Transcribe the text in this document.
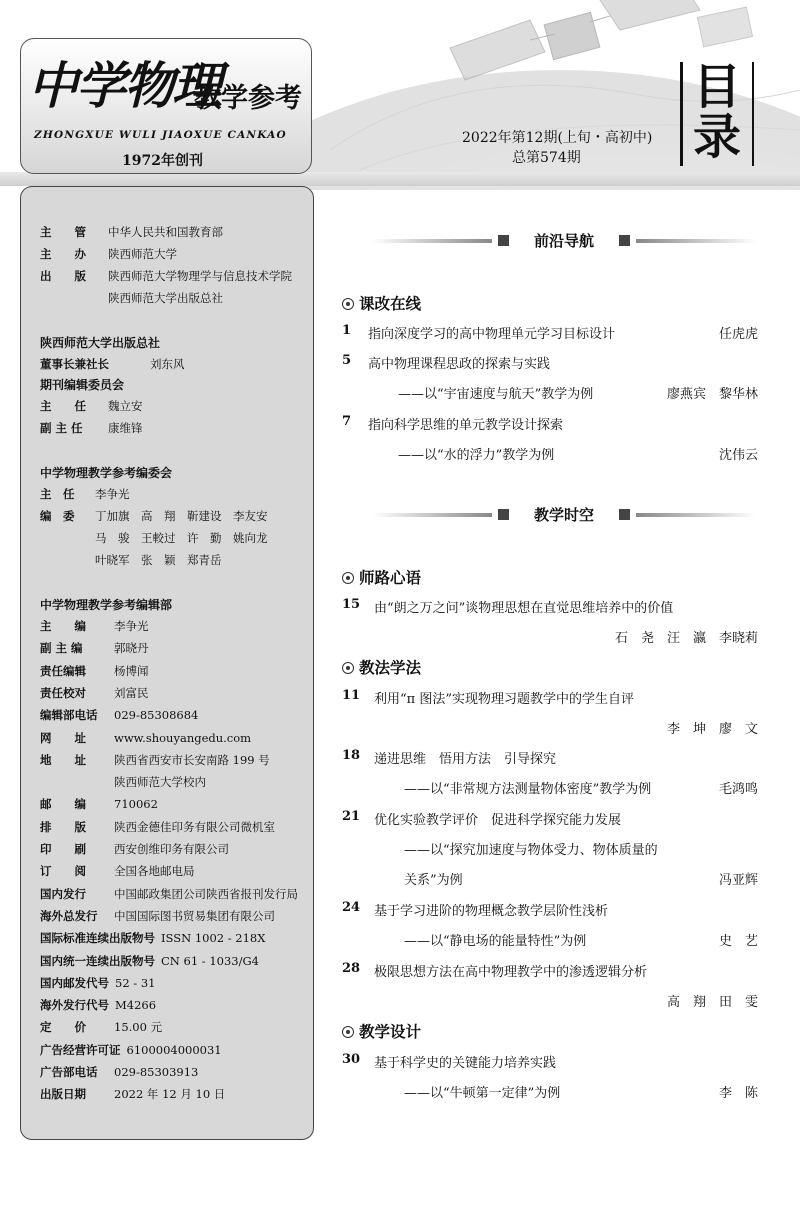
中学物理
教学参考
ZHONGXUE WULI JIAOXUE CANKAO
1972年创刊
2022年第12期(上旬・高初中)
总第574期
目
录
主　　管 中华人民共和国教育部
主　　办 陕西师范大学
出　　版 陕西师范大学物理学与信息技术学院
陕西师范大学出版总社
陕西师范大学出版总社
董事长兼社长	刘东风
期刊编辑委员会
主　　任 魏立安
副 主 任 康维锋
中学物理教学参考编委会
主　任 李争光
编　委 丁加旗　高　翔　靳建设　李友安
马　骏　王較过　许　勤　姚向龙
叶晓军　张　颖　郑青岳
中学物理教学参考编辑部
主　　编 李争光
副 主 编	郭晓丹
责任编辑 杨博闻
责任校对 刘富民
编辑部电话 029-85308684
网　　址 www.shouyangedu.com
地　　址 陕西省西安市长安南路 199 号
陕西师范大学校内
邮　　编 710062
排　　版 陕西金德佳印务有限公司微机室
印　　刷 西安创维印务有限公司
订　　阅 全国各地邮电局
国内发行 中国邮政集团公司陕西省报刊发行局
海外总发行 中国国际图书贸易集团有限公司
国际标准连续出版物号 ISSN 1002 - 218X
国内统一连续出版物号 CN 61 - 1033/G4
国内邮发代号 52 - 31
海外发行代号 M4266
定　　价 15.00 元
广告经营许可证 6100004000031
广告部电话 029-85303913
出版日期 2022 年 12 月 10 日
前沿导航
课改在线
1	指向深度学习的高中物理单元学习目标设计	任虎虎
5	高中物理课程思政的探索与实践
——以“宇宙速度与航天”教学为例	廖燕宾　黎华林
7	指向科学思维的单元教学设计探索
——以“水的浮力”教学为例	沈伟云
教学时空
师路心语
15 由“朗之万之问”谈物理思想在直觉思维培养中的价值
石　尧　汪　瀛　李晓莉
教法学法
11 利用“π 图法”实现物理习题教学中的学生自评
李　坤　廖　文
18 递进思维　悟用方法　引导探究
——以“非常规方法测量物体密度”教学为例	毛鸿鸣
21 优化实验教学评价　促进科学探究能力发展
——以“探究加速度与物体受力、物体质量的
关系”为例	冯亚辉
24 基于学习进阶的物理概念教学层阶性浅析
——以“静电场的能量特性”为例	史　艺
28 极限思想方法在高中物理教学中的渗透逻辑分析
高　翔　田　雯
教学设计
30 基于科学史的关键能力培养实践
——以“牛顿第一定律”为例	李　陈
